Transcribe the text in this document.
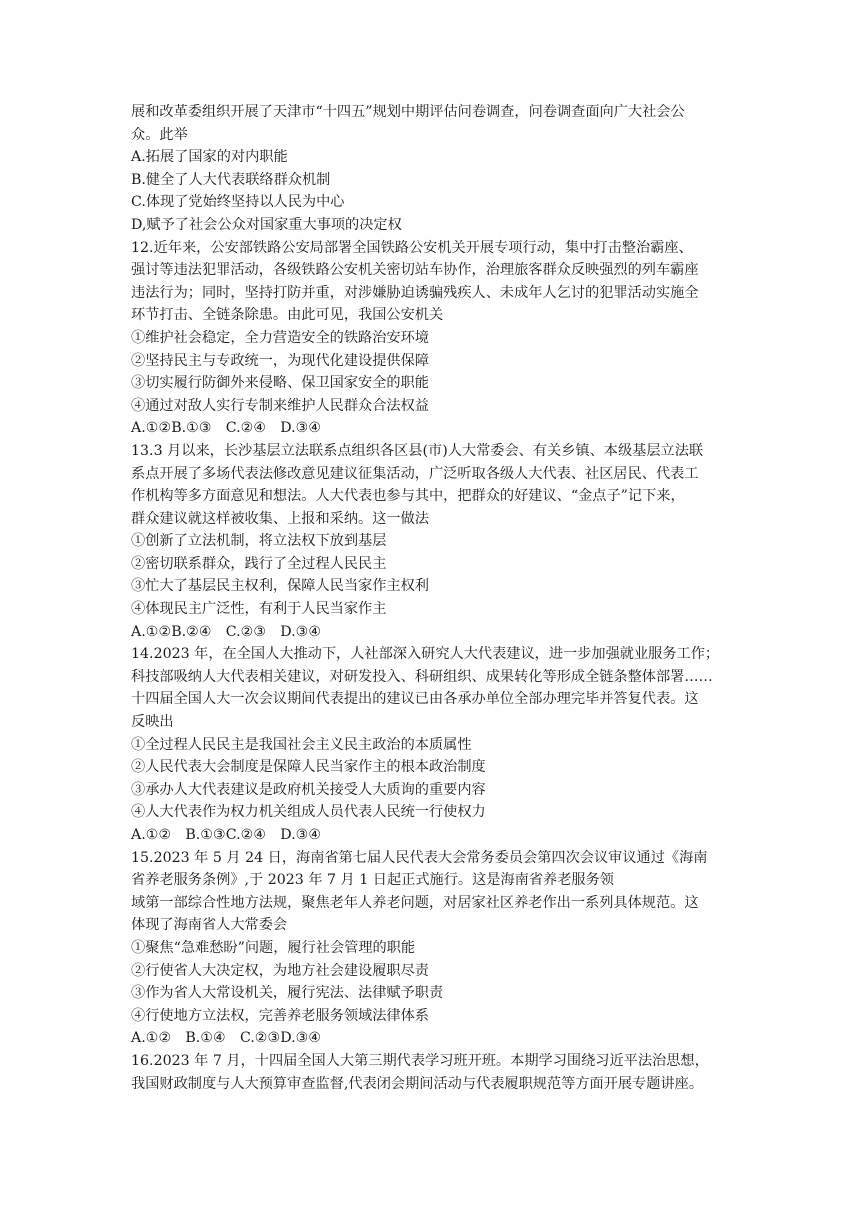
展和改革委组织开展了天津市“十四五”规划中期评估问卷调查，问卷调查面向广大社会公
众。此举
A.拓展了国家的对内职能
B.健全了人大代表联络群众机制
C.体现了党始终坚持以人民为中心
D,赋予了社会公众对国家重大事项的决定权
12.近年来，公安部铁路公安局部署全国铁路公安机关开展专项行动，集中打击整治霸座、
强讨等违法犯罪活动，各级铁路公安机关密切站车协作，治理旅客群众反映强烈的列车霸座
违法行为；同时，坚持打防并重，对涉嫌胁迫诱骗残疾人、未成年人乞讨的犯罪活动实施全
环节打击、全链条除患。由此可见，我国公安机关
①维护社会稳定，全力营造安全的铁路治安环境
②坚持民主与专政统一，为现代化建设提供保障
③切实履行防御外来侵略、保卫国家安全的职能
④通过对敌人实行专制来维护人民群众合法权益
A.①②B.①③　C.②④　D.③④
13.3 月以来，长沙基层立法联系点组织各区县(市)人大常委会、有关乡镇、本级基层立法联
系点开展了多场代表法修改意见建议征集活动，广泛听取各级人大代表、社区居民、代表工
作机构等多方面意见和想法。人大代表也参与其中，把群众的好建议、“金点子”记下来，
群众建议就这样被收集、上报和采纳。这一做法
①创新了立法机制，将立法权下放到基层
②密切联系群众，践行了全过程人民民主
③忙大了基层民主权利，保障人民当家作主权利
④体现民主广泛性，有利于人民当家作主
A.①②B.②④　C.②③　D.③④
14.2023 年，在全国人大推动下，人社部深入研究人大代表建议，进一步加强就业服务工作；
科技部吸纳人大代表相关建议，对研发投入、科研组织、成果转化等形成全链条整体部署……
十四届全国人大一次会议期间代表提出的建议已由各承办单位全部办理完毕并答复代表。这
反映出
①全过程人民民主是我国社会主义民主政治的本质属性
②人民代表大会制度是保障人民当家作主的根本政治制度
③承办人大代表建议是政府机关接受人大质询的重要内容
④人大代表作为权力机关组成人员代表人民统一行使权力
A.①②　B.①③C.②④　D.③④
15.2023 年 5 月 24 日，海南省第七届人民代表大会常务委员会第四次会议审议通过《海南
省养老服务条例》,于 2023 年 7 月 1 日起正式施行。这是海南省养老服务领
域第一部综合性地方法规，聚焦老年人养老问题，对居家社区养老作出一系列具体规范。这
体现了海南省人大常委会
①聚焦“急难愁盼”问题，履行社会管理的职能
②行使省人大决定权，为地方社会建设履职尽责
③作为省人大常设机关，履行宪法、法律赋予职责
④行使地方立法权，完善养老服务领域法律体系
A.①②　B.①④　C.②③D.③④
16.2023 年 7 月，十四届全国人大第三期代表学习班开班。本期学习围绕习近平法治思想，
我国财政制度与人大预算审查监督,代表闭会期间活动与代表履职规范等方面开展专题讲座。
